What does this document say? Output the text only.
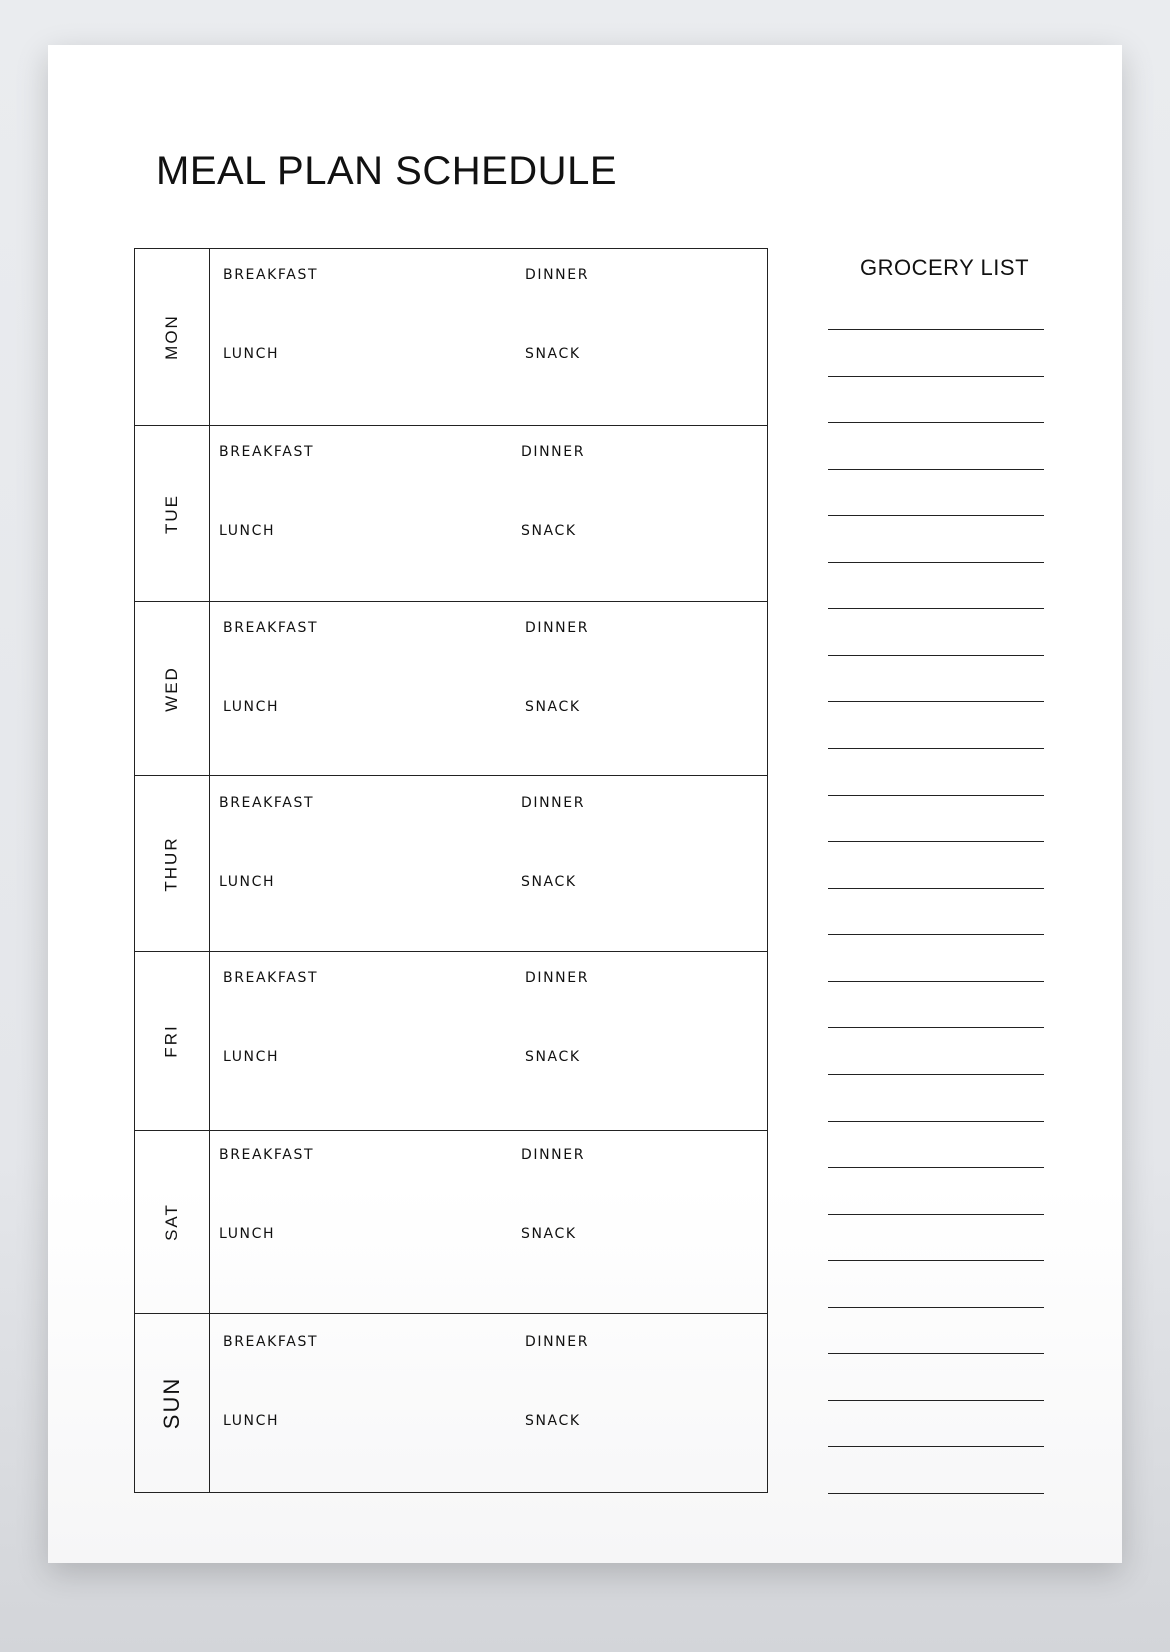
MEAL PLAN SCHEDULE
MON
BREAKFAST	DINNER
LUNCH	SNACK
TUE
BREAKFAST	DINNER
LUNCH	SNACK
WED
BREAKFAST	DINNER
LUNCH	SNACK
THUR
BREAKFAST	DINNER
LUNCH	SNACK
FRI
BREAKFAST	DINNER
LUNCH	SNACK
SAT
BREAKFAST	DINNER
LUNCH	SNACK
SUN
BREAKFAST	DINNER
LUNCH	SNACK
GROCERY LIST
